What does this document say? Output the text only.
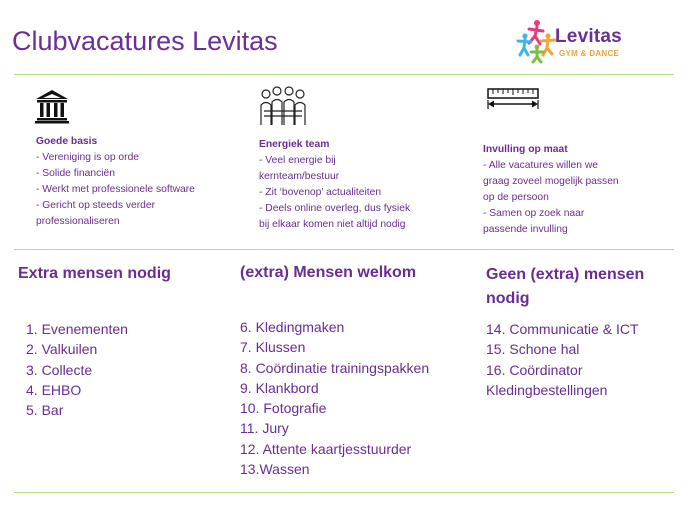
Clubvacatures Levitas	Levitas
GYM & DANCE
Goede basis
- Vereniging is op orde
- Solide financiën
- Werkt met professionele software
- Gericht op steeds verder
professionaliseren
Energiek team
- Veel energie bij
kernteam/bestuur
- Zit ‘bovenop’ actualiteiten
- Deels online overleg, dus fysiek
bij elkaar komen niet altijd nodig
Invulling op maat
- Alle vacatures willen we
graag zoveel mogelijk passen
op de persoon
- Samen op zoek naar
passende invulling
Extra mensen nodig	(extra) Mensen welkom	Geen (extra) mensen
nodig
1. Evenementen
2. Valkuilen
3. Collecte
4. EHBO
5. Bar
6. Kledingmaken
7. Klussen
8. Coördinatie trainingspakken
9. Klankbord
10. Fotografie
11. Jury
12. Attente kaartjesstuurder
13.Wassen
14. Communicatie & ICT
15. Schone hal
16. Coördinator
Kledingbestellingen
